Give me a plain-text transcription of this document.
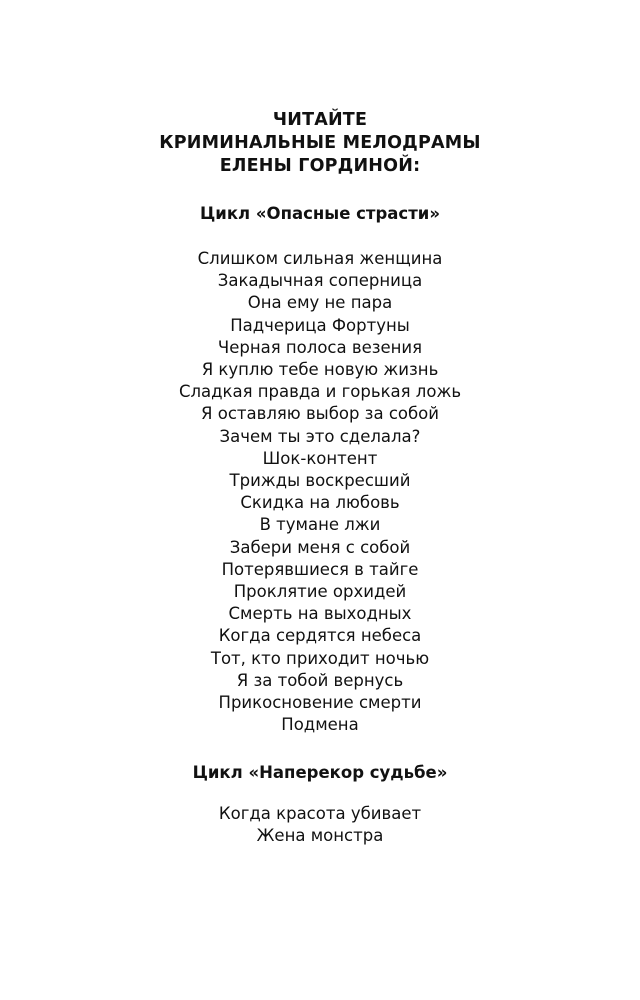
ЧИТАЙТЕ
КРИМИНАЛЬНЫЕ МЕЛОДРАМЫ
ЕЛЕНЫ ГОРДИНОЙ:
Цикл «Опасные страсти»
Слишком сильная женщина
Закадычная соперница
Она ему не пара
Падчерица Фортуны
Черная полоса везения
Я куплю тебе новую жизнь
Сладкая правда и горькая ложь
Я оставляю выбор за собой
Зачем ты это сделала?
Шок-контент
Трижды воскресший
Скидка на любовь
В тумане лжи
Забери меня с собой
Потерявшиеся в тайге
Проклятие орхидей
Смерть на выходных
Когда сердятся небеса
Тот, кто приходит ночью
Я за тобой вернусь
Прикосновение смерти
Подмена
Цикл «Наперекор судьбе»
Когда красота убивает
Жена монстра
